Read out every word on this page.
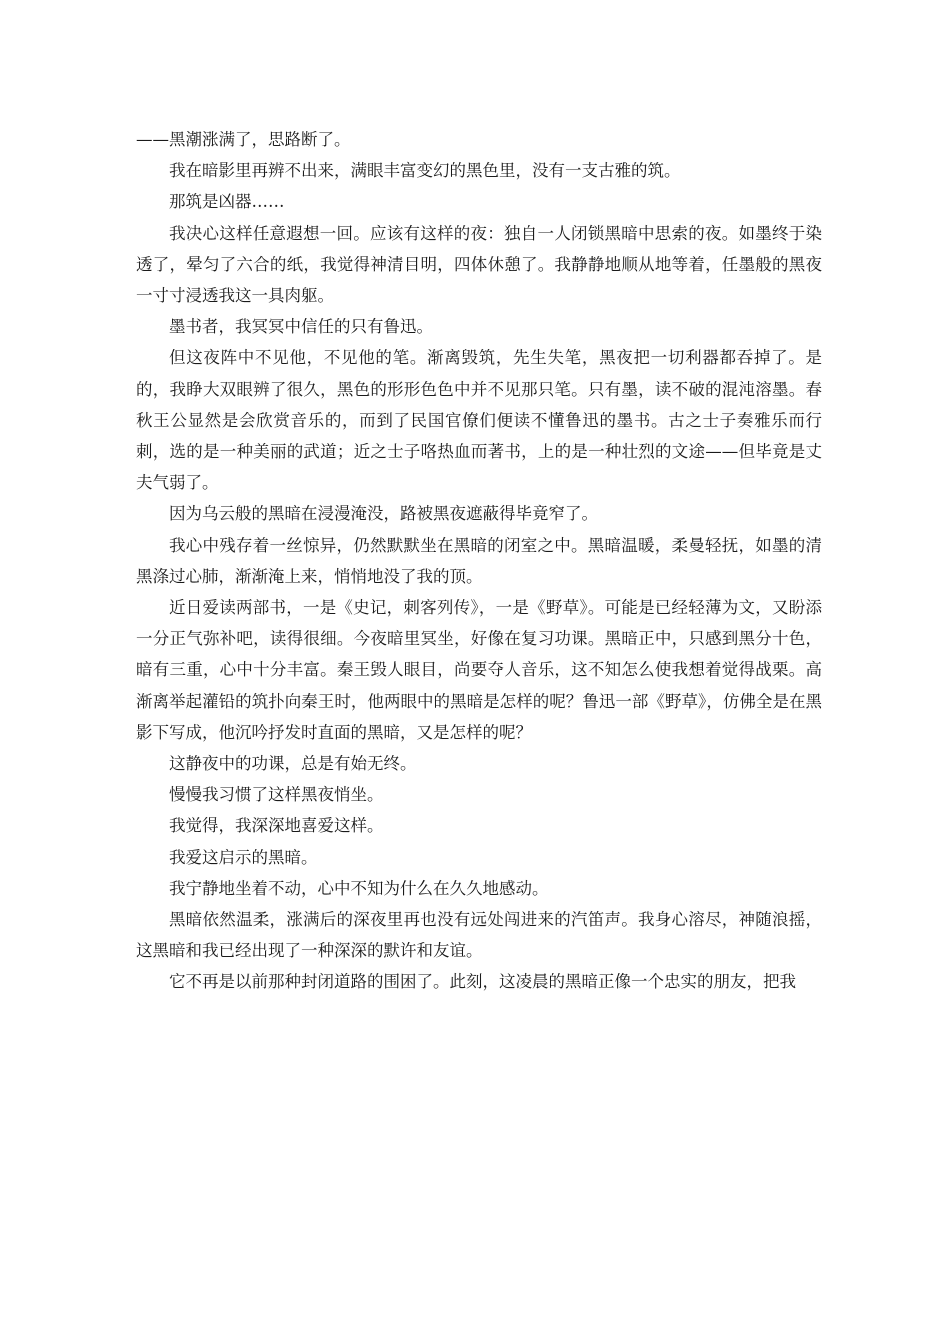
——黑潮涨满了，思路断了。

我在暗影里再辨不出来，满眼丰富变幻的黑色里，没有一支古雅的筑。

那筑是凶器……

我决心这样任意遐想一回。应该有这样的夜：独自一人闭锁黑暗中思索的夜。如墨终于染透了，晕匀了六合的纸，我觉得神清目明，四体休憩了。我静静地顺从地等着，任墨般的黑夜一寸寸浸透我这一具肉躯。

墨书者，我冥冥中信任的只有鲁迅。

但这夜阵中不见他，不见他的笔。渐离毁筑，先生失笔，黑夜把一切利器都吞掉了。是的，我睁大双眼辨了很久，黑色的形形色色中并不见那只笔。只有墨，读不破的混沌溶墨。春秋王公显然是会欣赏音乐的，而到了民国官僚们便读不懂鲁迅的墨书。古之士子奏雅乐而行刺，选的是一种美丽的武道；近之士子咯热血而著书，上的是一种壮烈的文途——但毕竟是丈夫气弱了。

因为乌云般的黑暗在浸漫淹没，路被黑夜遮蔽得毕竟窄了。

我心中残存着一丝惊异，仍然默默坐在黑暗的闭室之中。黑暗温暖，柔曼轻抚，如墨的清黑涤过心肺，渐渐淹上来，悄悄地没了我的顶。

近日爱读两部书，一是《史记，刺客列传》，一是《野草》。可能是已经轻薄为文，又盼添一分正气弥补吧，读得很细。今夜暗里冥坐，好像在复习功课。黑暗正中，只感到黑分十色，暗有三重，心中十分丰富。秦王毁人眼目，尚要夺人音乐，这不知怎么使我想着觉得战栗。高渐离举起灌铅的筑扑向秦王时，他两眼中的黑暗是怎样的呢？鲁迅一部《野草》，仿佛全是在黑影下写成，他沉吟抒发时直面的黑暗，又是怎样的呢？

这静夜中的功课，总是有始无终。

慢慢我习惯了这样黑夜悄坐。

我觉得，我深深地喜爱这样。

我爱这启示的黑暗。

我宁静地坐着不动，心中不知为什么在久久地感动。

黑暗依然温柔，涨满后的深夜里再也没有远处闯进来的汽笛声。我身心溶尽，神随浪摇，这黑暗和我已经出现了一种深深的默许和友谊。

它不再是以前那种封闭道路的围困了。此刻，这凌晨的黑暗正像一个忠实的朋友，把我
